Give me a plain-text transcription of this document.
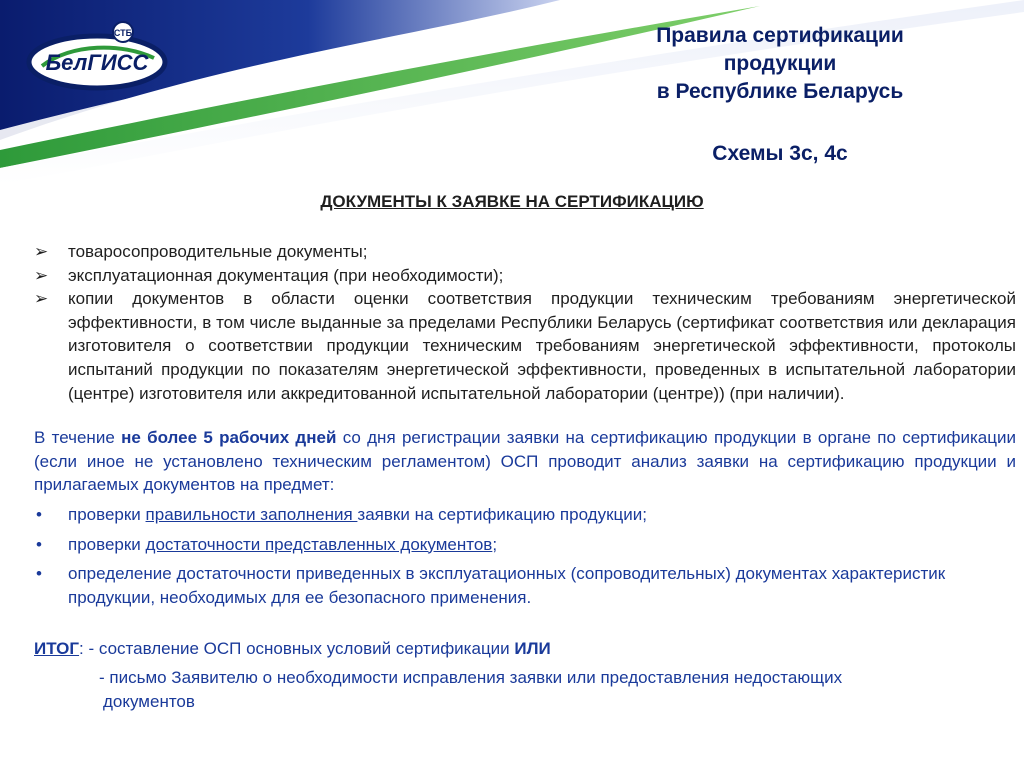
БелГИСС
СТБ	Правила сертификации
продукции
в Республике Беларусь
Схемы 3с, 4с
ДОКУМЕНТЫ К ЗАЯВКЕ НА СЕРТИФИКАЦИЮ
➢	товаросопроводительные документы;
➢	эксплуатационная документация (при необходимости);
➢	копии документов в области оценки соответствия продукции техническим требованиям энергетической эффективности, в том числе выданные за пределами Республики Беларусь (сертификат соответствия или декларация изготовителя о соответствии продукции техническим требованиям энергетической эффективности, протоколы испытаний продукции по показателям энергетической эффективности, проведенных в испытательной лаборатории (центре) изготовителя или аккредитованной испытательной лаборатории (центре)) (при наличии).

В течение не более 5 рабочих дней со дня регистрации заявки на сертификацию продукции в органе по сертификации (если иное не установлено техническим регламентом) ОСП проводит анализ заявки на сертификацию продукции и прилагаемых документов на предмет:

• проверки правильности заполнения заявки на сертификацию продукции;
• проверки достаточности представленных документов;
• определение достаточности приведенных в эксплуатационных (сопроводительных) документах характеристик продукции, необходимых для ее безопасного применения.

ИТОГ: - составление ОСП основных условий сертификации ИЛИ

- письмо Заявителю о необходимости исправления заявки или предоставления недостающих
документов
